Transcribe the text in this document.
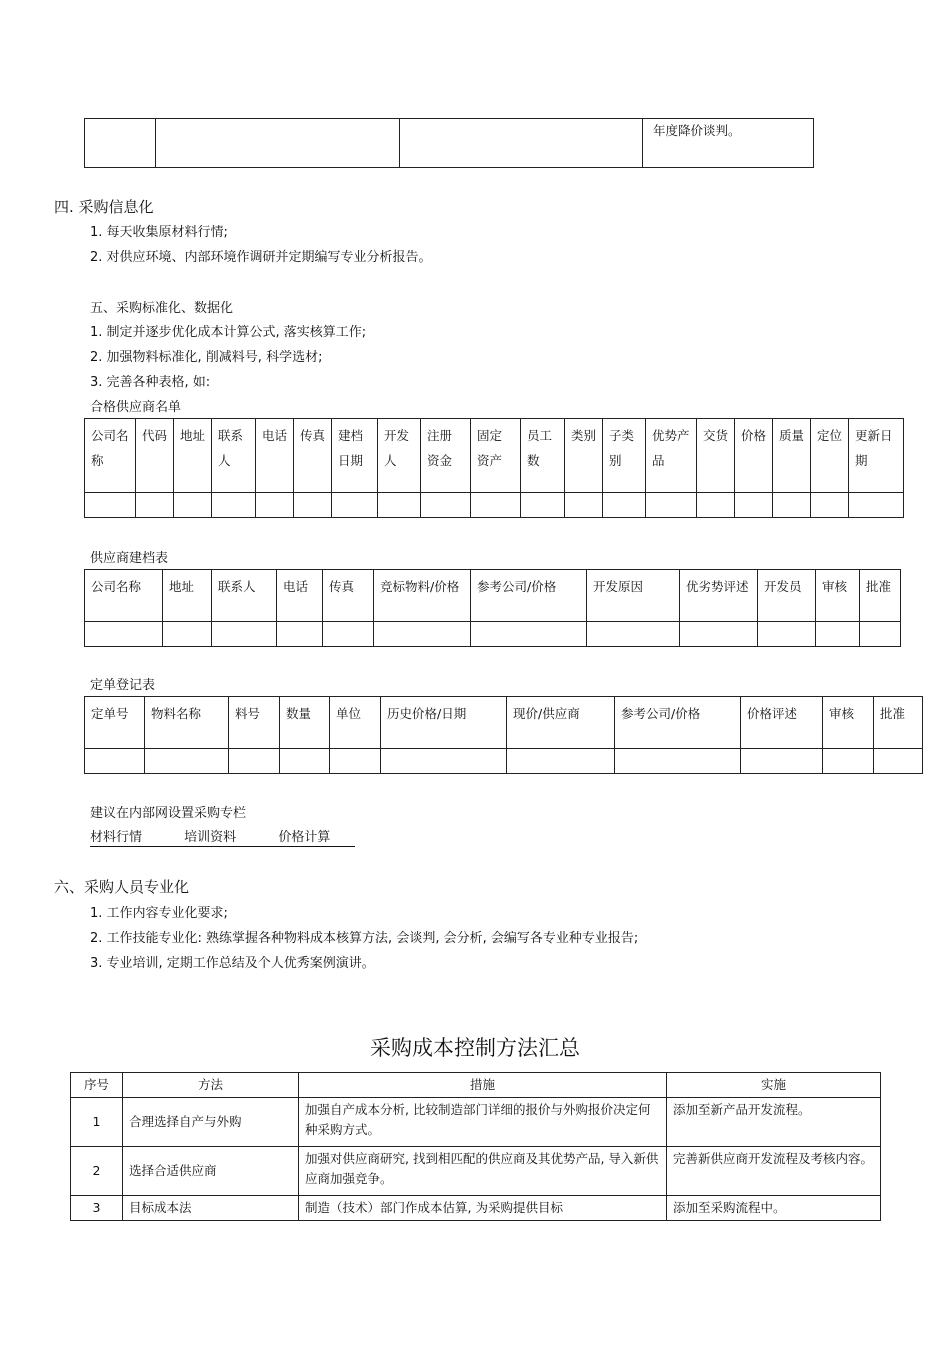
			年度降价谈判。
四. 采购信息化
1. 每天收集原材料行情;
2. 对供应环境、内部环境作调研并定期编写专业分析报告。
五、采购标准化、数据化
1. 制定并逐步优化成本计算公式, 落实核算工作;
2. 加强物料标准化, 削减料号, 科学选材;
3. 完善各种表格, 如:
合格供应商名单
公司名称	代码	地址	联系人	电话	传真	建档日期	开发人	注册资金	固定资产	员工数	类别	子类别	优势产品	交货	价格	质量	定位	更新日期

供应商建档表
公司名称	地址	联系人	电话	传真	竞标物料/价格	参考公司/价格	开发原因	优劣势评述	开发员	审核	批准

定单登记表
定单号	物料名称	料号	数量	单位	历史价格/日期	现价/供应商	参考公司/价格	价格评述	审核	批准

建议在内部网设置采购专栏
材料行情	培训资料	价格计算
六、采购人员专业化
1. 工作内容专业化要求;
2. 工作技能专业化: 熟练掌握各种物料成本核算方法, 会谈判, 会分析, 会编写各专业种专业报告;
3. 专业培训, 定期工作总结及个人优秀案例演讲。
采购成本控制方法汇总
序号	方法	措施	实施
1	合理选择自产与外购	加强自产成本分析, 比较制造部门详细的报价与外购报价决定何种采购方式。	添加至新产品开发流程。
2	选择合适供应商	加强对供应商研究, 找到相匹配的供应商及其优势产品, 导入新供应商加强竞争。	完善新供应商开发流程及考核内容。
3	目标成本法	制造（技术）部门作成本估算, 为采购提供目标	添加至采购流程中。
